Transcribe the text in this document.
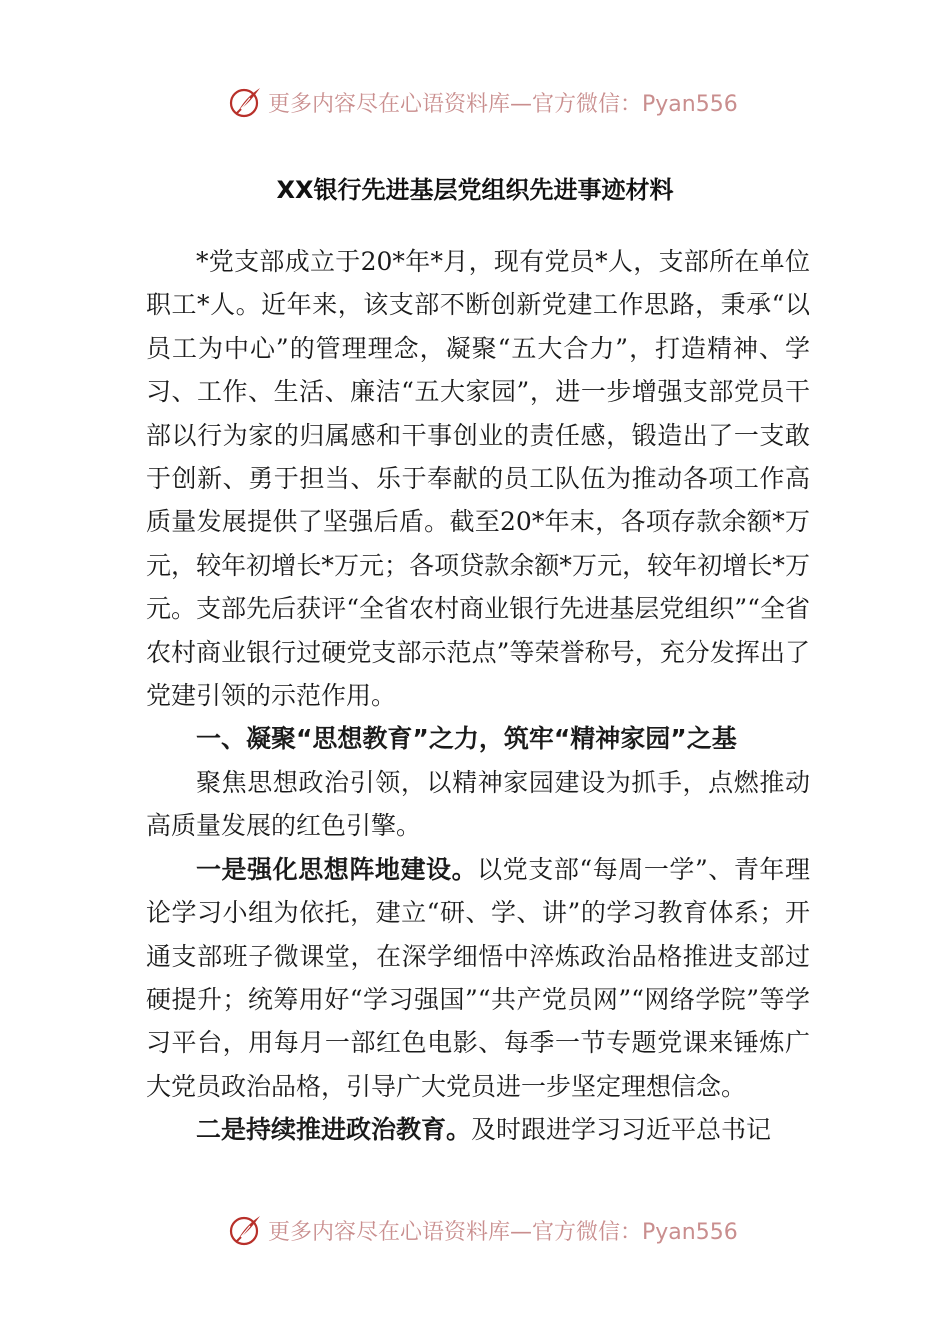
更多内容尽在心语资料库—官方微信：Pyan556
XX银行先进基层党组织先进事迹材料

*党支部成立于20*年*月，现有党员*人，支部所在单位职工*人。近年来，该支部不断创新党建工作思路，秉承“以员工为中心”的管理理念，凝聚“五大合力”，打造精神、学习、工作、生活、廉洁“五大家园”，进一步增强支部党员干部以行为家的归属感和干事创业的责任感，锻造出了一支敢于创新、勇于担当、乐于奉献的员工队伍为推动各项工作高质量发展提供了坚强后盾。截至20*年末，各项存款余额*万元，较年初增长*万元；各项贷款余额*万元，较年初增长*万元。支部先后获评“全省农村商业银行先进基层党组织”“全省农村商业银行过硬党支部示范点”等荣誉称号，充分发挥出了党建引领的示范作用。

一、凝聚“思想教育”之力，筑牢“精神家园”之基

聚焦思想政治引领，以精神家园建设为抓手，点燃推动高质量发展的红色引擎。

一是强化思想阵地建设。以党支部“每周一学”、青年理论学习小组为依托，建立“研、学、讲”的学习教育体系；开通支部班子微课堂，在深学细悟中淬炼政治品格推进支部过硬提升；统筹用好“学习强国”“共产党员网”“网络学院”等学习平台，用每月一部红色电影、每季一节专题党课来锤炼广大党员政治品格，引导广大党员进一步坚定理想信念。

二是持续推进政治教育。及时跟进学习习近平总书记

更多内容尽在心语资料库—官方微信：Pyan556
